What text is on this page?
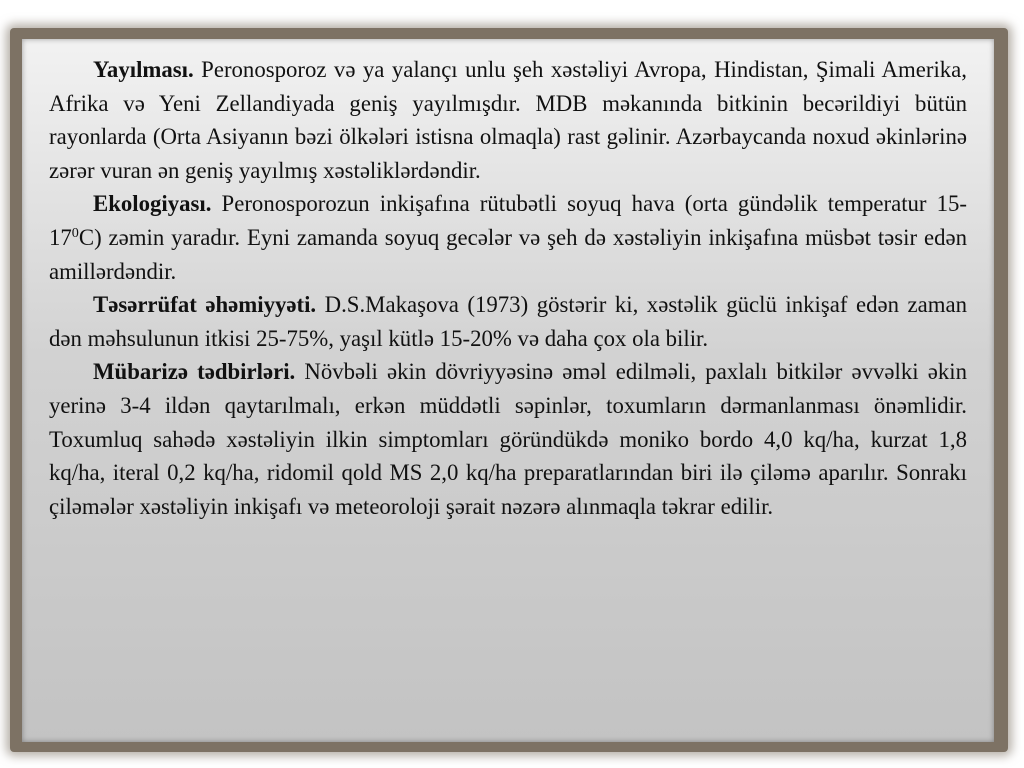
Yayılması. Peronosporoz və ya yalançı unlu şeh xəstəliyi Avropa, Hindistan, Şimali Amerika, Afrika və Yeni Zellandiyada geniş yayılmışdır. MDB məkanında bitkinin becərildiyi bütün rayonlarda (Orta Asiyanın bəzi ölkələri istisna olmaqla) rast gəlinir. Azərbaycanda noxud əkinlərinə zərər vuran ən geniş yayılmış xəstəliklərdəndir.

Ekologiyası. Peronosporozun inkişafına rütubətli soyuq hava (orta gündəlik temperatur $15-17^0C$) zəmin yaradır. Eyni zamanda soyuq gecələr və şeh də xəstəliyin inkişafına müsbət təsir edən amillərdəndir.

Təsərrüfat əhəmiyyəti. D.S.Makaşova (1973) göstərir ki, xəstəlik güclü inkişaf edən zaman dən məhsulunun itkisi 25-75%, yaşıl kütlə 15-20% və daha çox ola bilir.

Mübarizə tədbirləri. Növbəli əkin dövriyyəsinə əməl edilməli, paxlalı bitkilər əvvəlki əkin yerinə 3-4 ildən qaytarılmalı, erkən müddətli səpinlər, toxumların dərmanlanması önəmlidir. Toxumluq sahədə xəstəliyin ilkin simptomları göründükdə moniko bordo 4,0 kq/ha, kurzat 1,8 kq/ha, iteral 0,2 kq/ha, ridomil qold MS 2,0 kq/ha preparatlarından biri ilə çiləmə aparılır. Sonrakı çiləmələr xəstəliyin inkişafı və meteoroloji şərait nəzərə alınmaqla təkrar edilir.
